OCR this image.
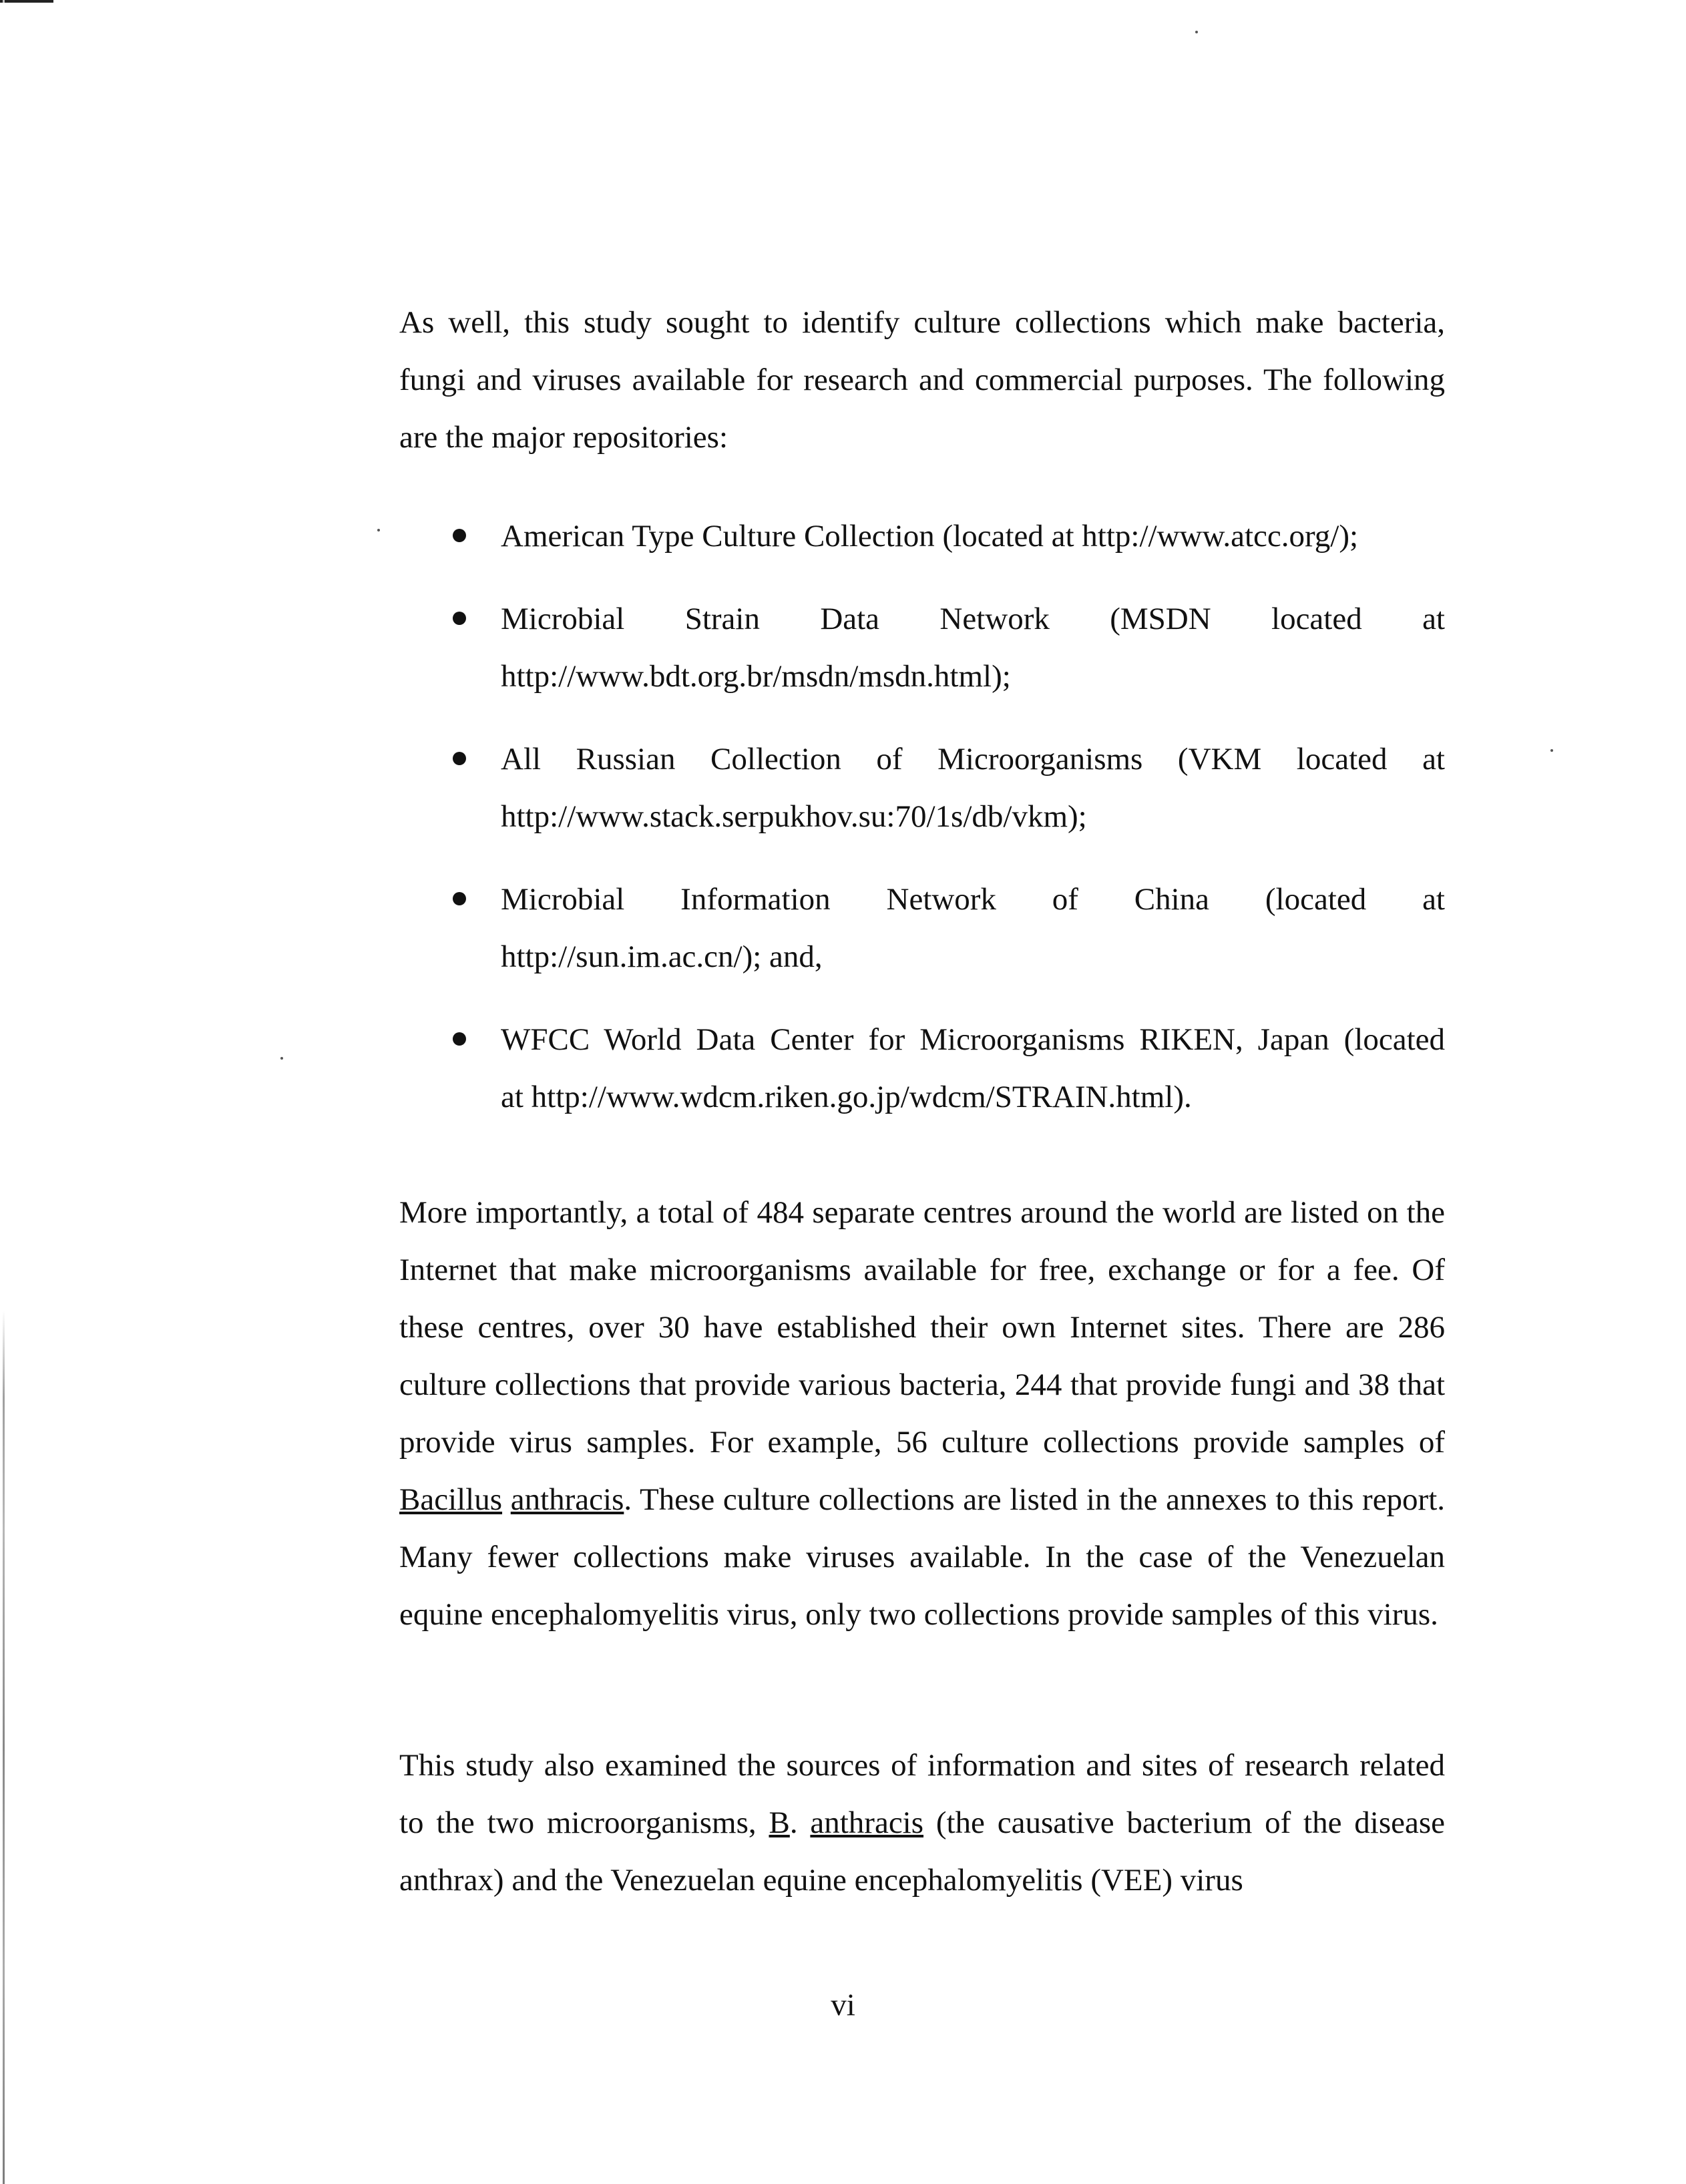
As well, this study sought to identify culture collections which make bacteria, fungi and viruses available for research and commercial purposes. The following are the major repositories:

American Type Culture Collection (located at http://www.atcc.org/);
Microbial Strain Data Network (MSDN located at
http://www.bdt.org.br/msdn/msdn.html);
All Russian Collection of Microorganisms (VKM located at
http://www.stack.serpukhov.su:70/1s/db/vkm);
Microbial Information Network of China (located at
http://sun.im.ac.cn/); and,
WFCC World Data Center for Microorganisms RIKEN, Japan (located
at http://www.wdcm.riken.go.jp/wdcm/STRAIN.html).

More importantly, a total of 484 separate centres around the world are listed on the Internet that make microorganisms available for free, exchange or for a fee. Of these centres, over 30 have established their own Internet sites. There are 286 culture collections that provide various bacteria, 244 that provide fungi and 38 that provide virus samples. For example, 56 culture collections provide samples of Bacillus anthracis. These culture collections are listed in the annexes to this report. Many fewer collections make viruses available. In the case of the Venezuelan equine encephalomyelitis virus, only two collections provide samples of this virus.

This study also examined the sources of information and sites of research related to the two microorganisms, B. anthracis (the causative bacterium of the disease anthrax) and the Venezuelan equine encephalomyelitis (VEE) virus

vi
